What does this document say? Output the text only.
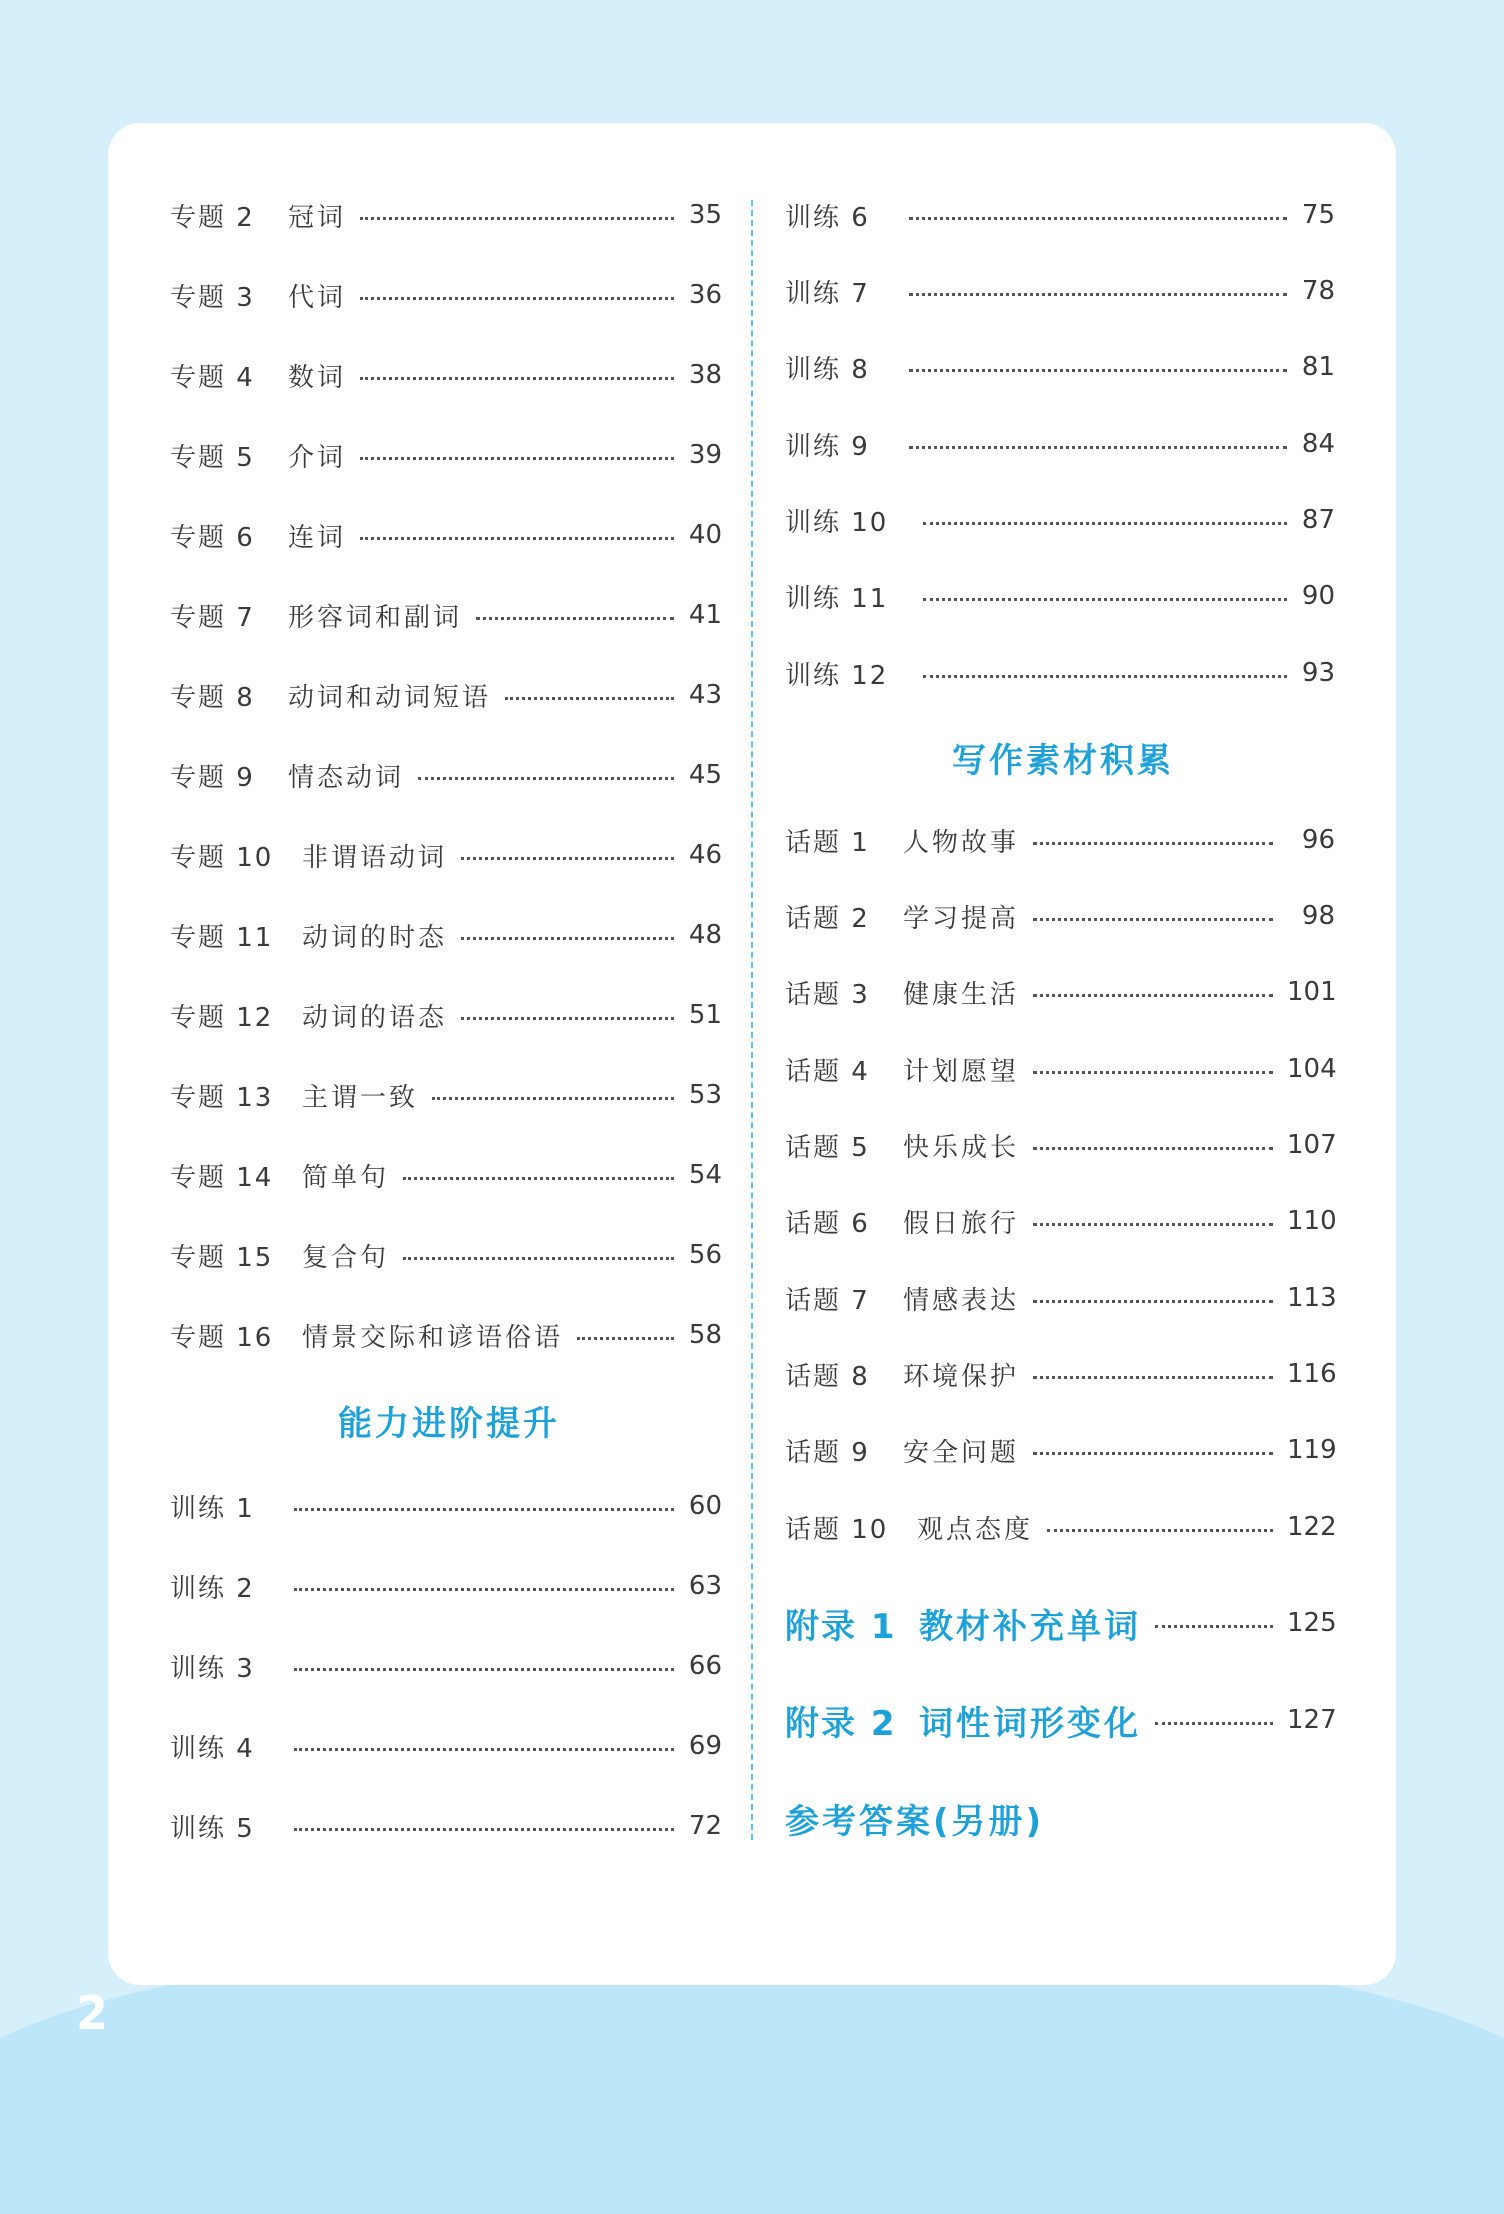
专题 2	冠词	35
专题 3	代词	36
专题 4	数词	38
专题 5	介词	39
专题 6	连词	40
专题 7	形容词和副词	41
专题 8	动词和动词短语	43
专题 9	情态动词	45
专题 10	非谓语动词	46
专题 11	动词的时态	48
专题 12	动词的语态	51
专题 13	主谓一致	53
专题 14	简单句	54
专题 15	复合句	56
专题 16	情景交际和谚语俗语	58
能力进阶提升
训练 1	60
训练 2	63
训练 3	66
训练 4	69
训练 5	72
训练 6	75
训练 7	78
训练 8	81
训练 9	84
训练 10	87
训练 11	90
训练 12	93
写作素材积累
话题 1	人物故事	96
话题 2	学习提高	98
话题 3	健康生活	101
话题 4	计划愿望	104
话题 5	快乐成长	107
话题 6	假日旅行	110
话题 7	情感表达	113
话题 8	环境保护	116
话题 9	安全问题	119
话题 10	观点态度	122
附录 1 教材补充单词	125
附录 2 词性词形变化	127
参考答案(另册)
2
